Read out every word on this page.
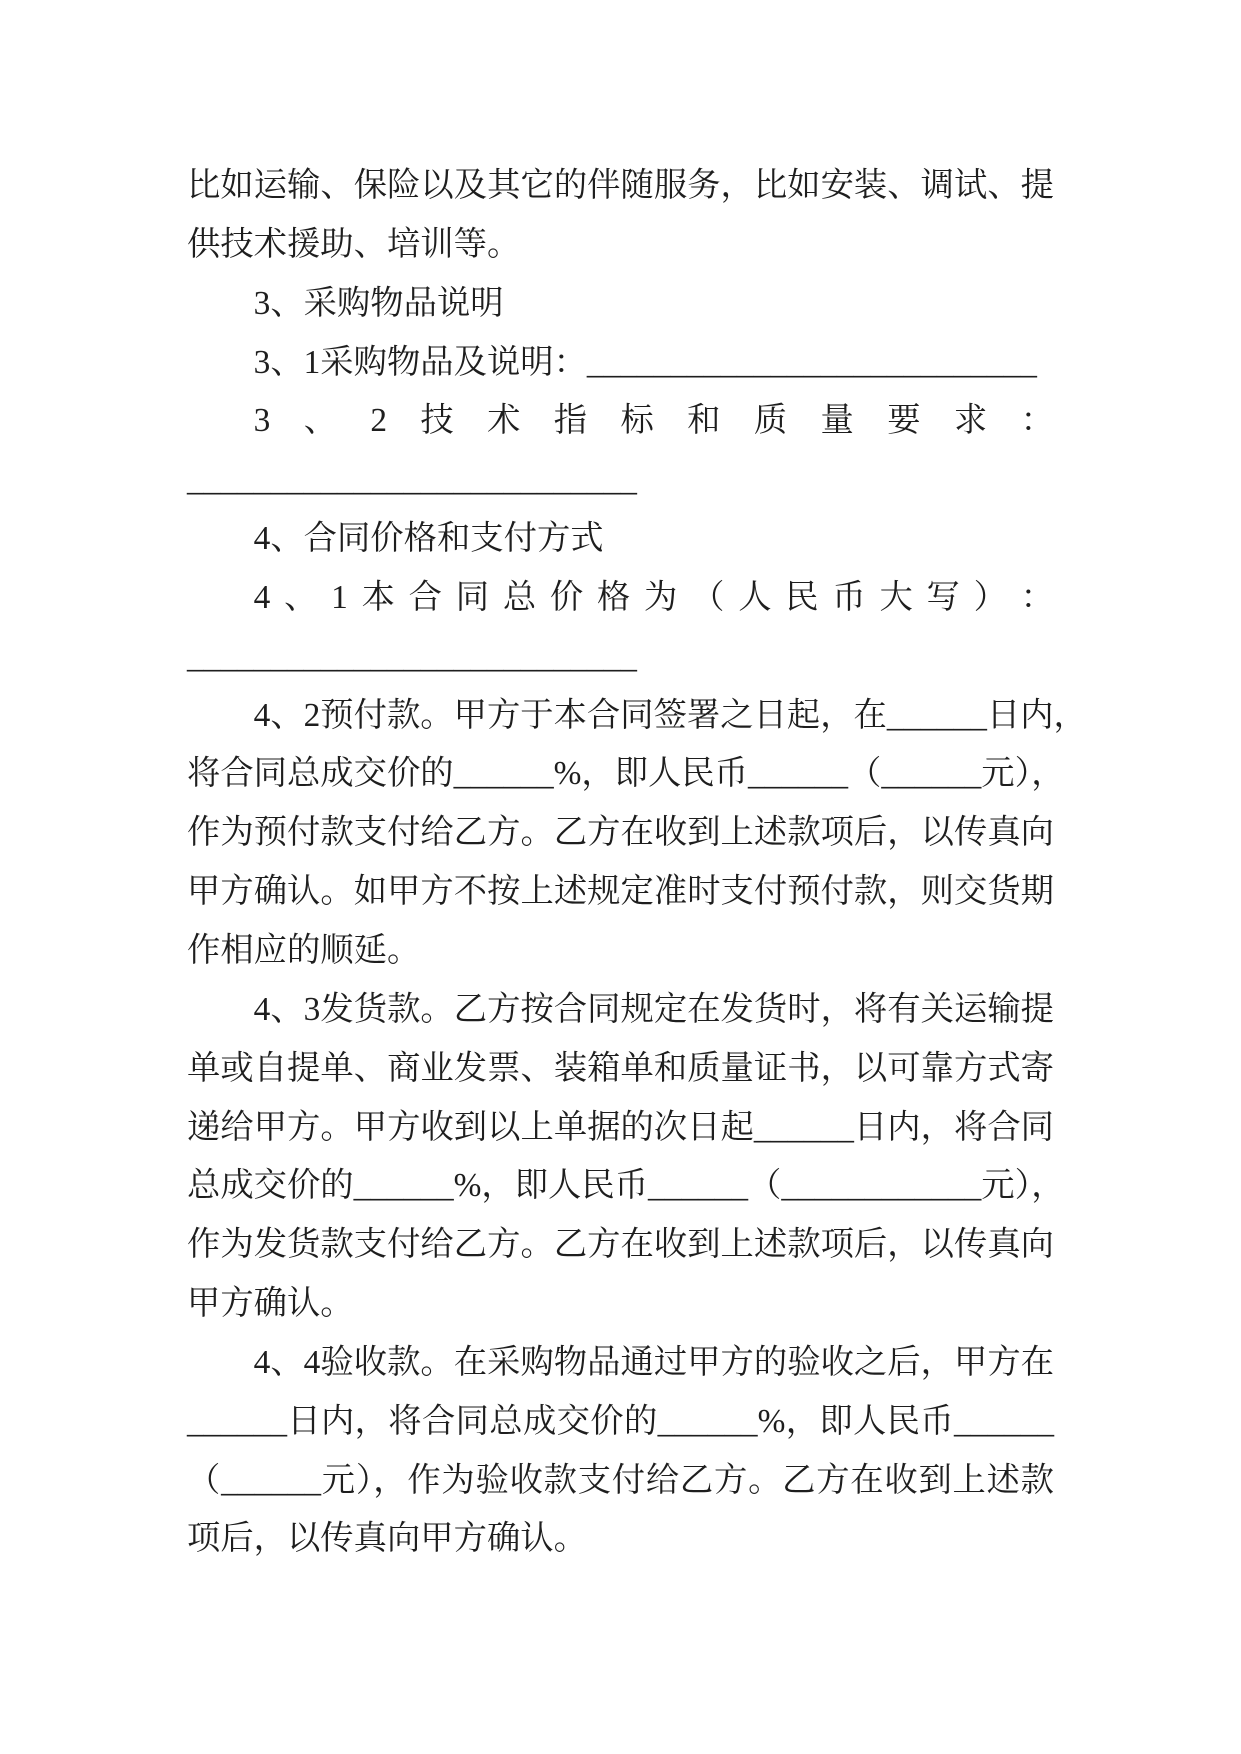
比如运输、保险以及其它的伴随服务，比如安装、调试、提
供技术援助、培训等。
3、采购物品说明
3、1采购物品及说明：___________________________
3 、 2 技 术 指 标 和 质 量 要 求 ：
___________________________
4、合同价格和支付方式
4 、 1 本 合 同 总 价 格 为 （ 人 民 币 大 写 ） ：
___________________________
4、2预付款。甲方于本合同签署之日起，在______日内，
将合同总成交价的______%，即人民币______（______元），
作为预付款支付给乙方。乙方在收到上述款项后，以传真向
甲方确认。如甲方不按上述规定准时支付预付款，则交货期
作相应的顺延。
4、3发货款。乙方按合同规定在发货时，将有关运输提
单或自提单、商业发票、装箱单和质量证书，以可靠方式寄
递给甲方。甲方收到以上单据的次日起______日内，将合同
总成交价的______%，即人民币______（____________元），
作为发货款支付给乙方。乙方在收到上述款项后，以传真向
甲方确认。
4、4验收款。在采购物品通过甲方的验收之后，甲方在
______日内，将合同总成交价的______%，即人民币______
（______元），作为验收款支付给乙方。乙方在收到上述款
项后，以传真向甲方确认。
